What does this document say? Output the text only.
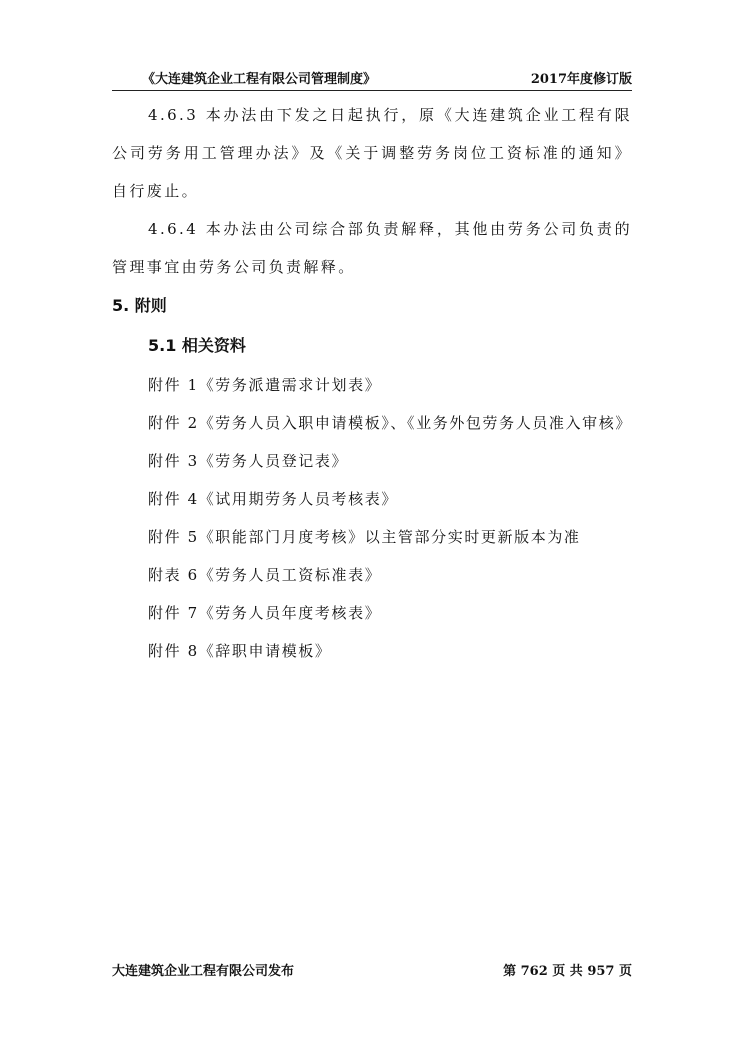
《大连建筑企业工程有限公司管理制度》	2017年度修订版

4.6.3 本办法由下发之日起执行，原《大连建筑企业工程有限公司劳务用工管理办法》及《关于调整劳务岗位工资标准的通知》自行废止。

4.6.4 本办法由公司综合部负责解释，其他由劳务公司负责的管理事宜由劳务公司负责解释。

5. 附则

5.1 相关资料

附件 1《劳务派遣需求计划表》

附件 2《劳务人员入职申请模板》、《业务外包劳务人员准入审核》

附件 3《劳务人员登记表》

附件 4《试用期劳务人员考核表》

附件 5《职能部门月度考核》以主管部分实时更新版本为准

附表 6《劳务人员工资标准表》

附件 7《劳务人员年度考核表》

附件 8《辞职申请模板》

大连建筑企业工程有限公司发布	第 762 页 共 957 页
